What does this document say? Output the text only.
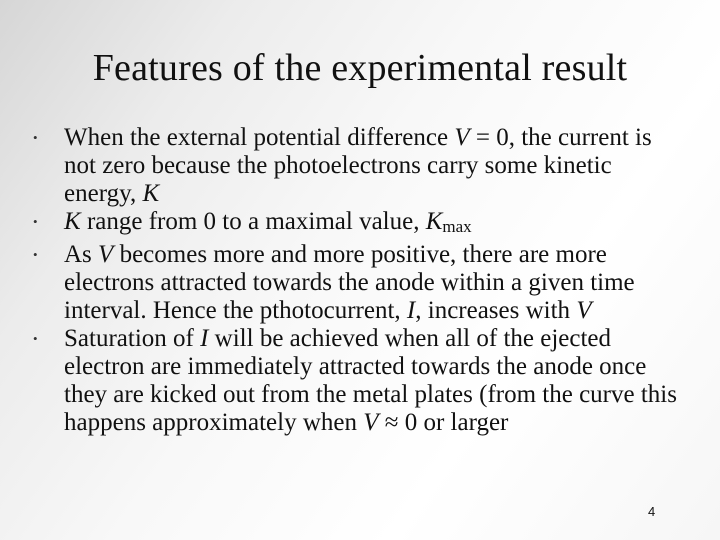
Features of the experimental result
• When the external potential difference V = 0, the current is not zero because the photoelectrons carry some kinetic energy, K
• K range from 0 to a maximal value, $K_{max}$
• As V becomes more and more positive, there are more electrons attracted towards the anode within a given time interval. Hence the pthotocurrent, I, increases with V
• Saturation of I will be achieved when all of the ejected electron are immediately attracted towards the anode once they are kicked out from the metal plates (from the curve this happens approximately when V ≈ 0 or larger
4
